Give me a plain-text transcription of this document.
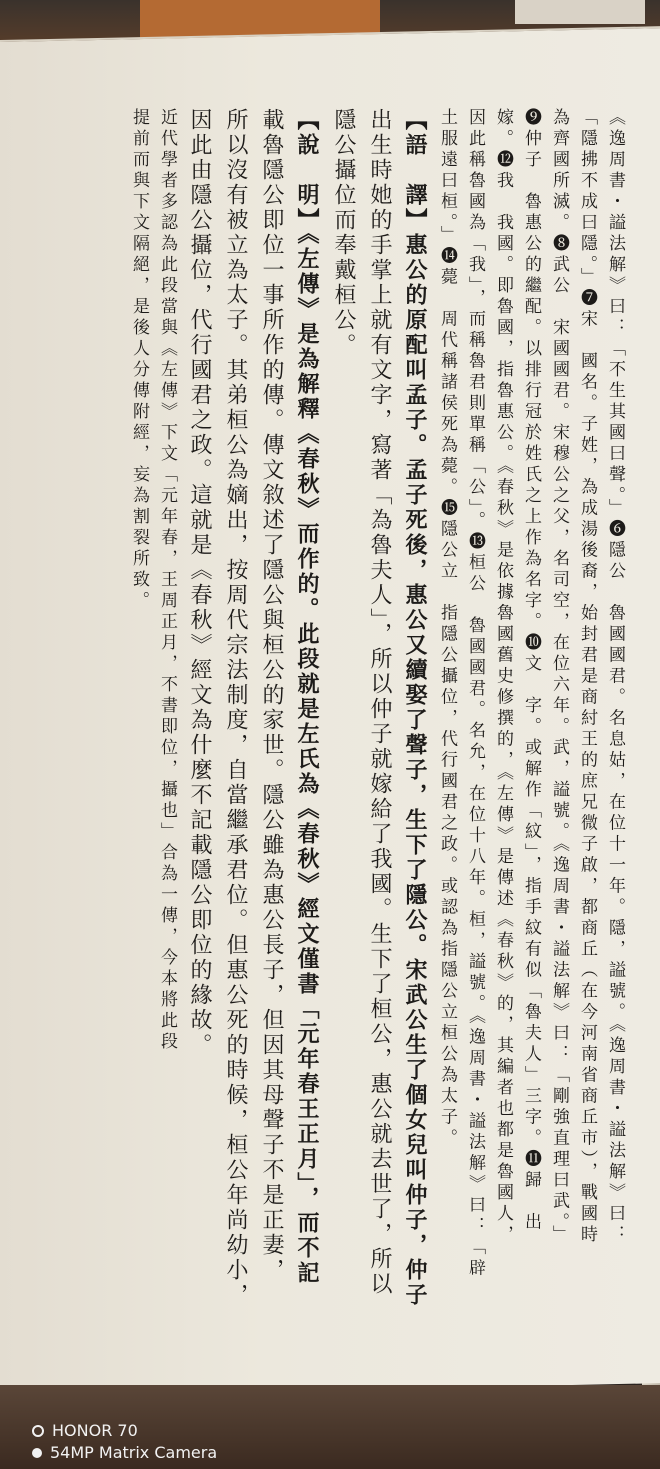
《逸周書・謚法解》曰：「不生其國曰聲。」❻隱公　魯國國君。名息姑，在位十一年。隱，謚號。《逸周書・謚法解》曰：
「隱拂不成曰隱。」❼宋　國名。子姓，為成湯後裔，始封君是商紂王的庶兄微子啟，都商丘（在今河南省商丘市），戰國時
為齊國所滅。❽武公　宋國國君。宋穆公之父，名司空，在位六年。武，謚號。《逸周書・謚法解》曰：「剛強直理曰武。」
❾仲子　魯惠公的繼配。以排行冠於姓氏之上作為名字。❿文　字。或解作「紋」，指手紋有似「魯夫人」三字。⓫歸　出
嫁。⓬我　我國。即魯國，指魯惠公。《春秋》是依據魯國舊史修撰的，《左傳》是傳述《春秋》的，其編者也都是魯國人，
因此稱魯國為「我」，而稱魯君則單稱「公」。⓭桓公　魯國國君。名允，在位十八年。桓，謚號。《逸周書・謚法解》曰：「辟
土服遠曰桓。」⓮薨　周代稱諸侯死為薨。⓯隱公立　指隱公攝位，代行國君之政。或認為指隱公立桓公為太子。
【語　譯】惠公的原配叫孟子。孟子死後，惠公又續娶了聲子，生下了隱公。宋武公生了個女兒叫仲子，仲子
出生時她的手掌上就有文字，寫著「為魯夫人」，所以仲子就嫁給了我國。生下了桓公，惠公就去世了，所以
隱公攝位而奉戴桓公。
【說　明】《左傳》是為解釋《春秋》而作的。此段就是左氏為《春秋》經文僅書「元年春王正月」，而不記
載魯隱公即位一事所作的傳。傳文敘述了隱公與桓公的家世。隱公雖為惠公長子，但因其母聲子不是正妻，
所以沒有被立為太子。其弟桓公為嫡出，按周代宗法制度，自當繼承君位。但惠公死的時候，桓公年尚幼小，
因此由隱公攝位，代行國君之政。這就是《春秋》經文為什麼不記載隱公即位的緣故。
近代學者多認為此段當與《左傳》下文「元年春，王周正月，不書即位，攝也」合為一傳，今本將此段
提前而與下文隔絕，是後人分傳附經，妄為割裂所致。
HONOR 70
54MP Matrix Camera
